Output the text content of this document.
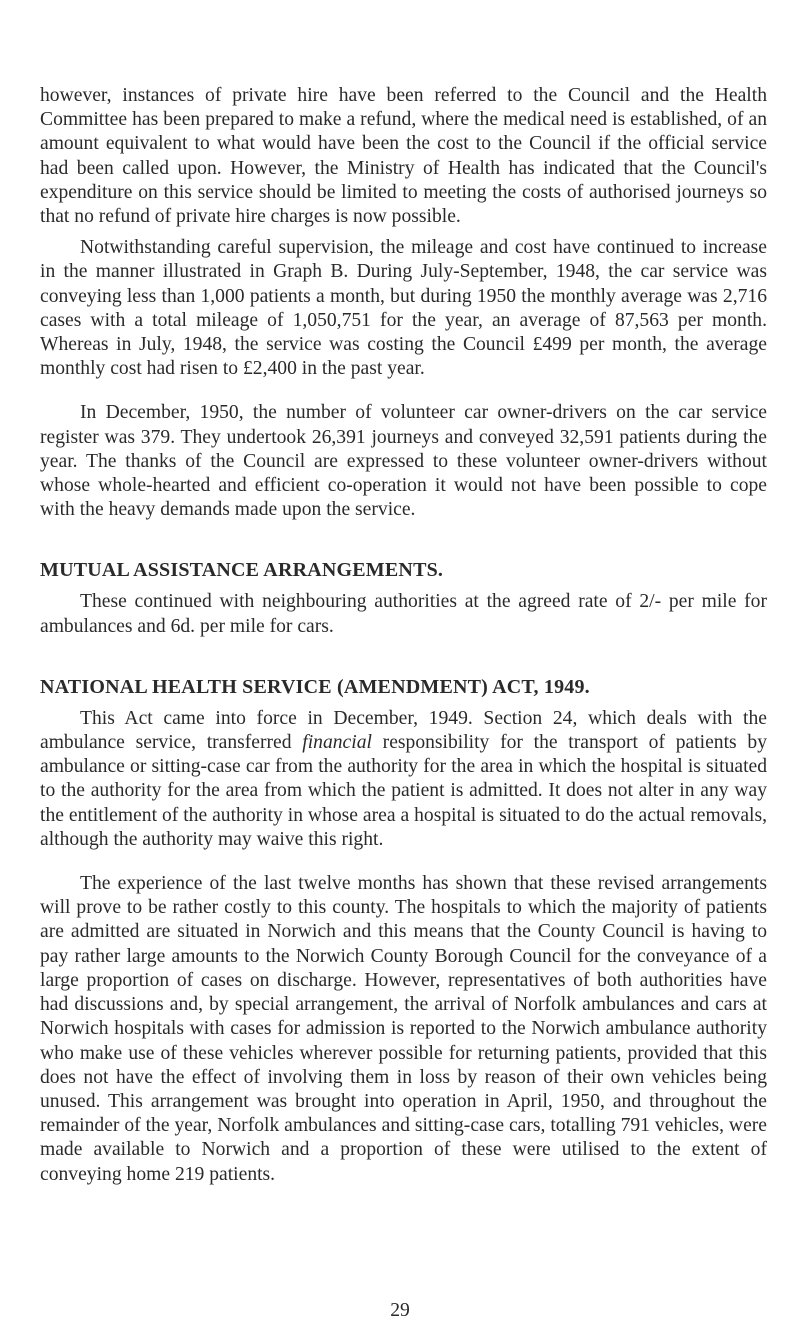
however, instances of private hire have been referred to the Council and the Health Committee has been prepared to make a refund, where the medical need is established, of an amount equivalent to what would have been the cost to the Council if the official service had been called upon. However, the Ministry of Health has indicated that the Council's expenditure on this service should be limited to meeting the costs of authorised journeys so that no refund of private hire charges is now possible.

Notwithstanding careful supervision, the mileage and cost have continued to increase in the manner illustrated in Graph B. During July-September, 1948, the car service was conveying less than 1,000 patients a month, but during 1950 the monthly average was 2,716 cases with a total mileage of 1,050,751 for the year, an average of 87,563 per month. Whereas in July, 1948, the service was costing the Council £499 per month, the average monthly cost had risen to £2,400 in the past year.

In December, 1950, the number of volunteer car owner-drivers on the car service register was 379. They undertook 26,391 journeys and conveyed 32,591 patients during the year. The thanks of the Council are expressed to these volunteer owner-drivers without whose whole-hearted and efficient co-operation it would not have been possible to cope with the heavy demands made upon the service.

MUTUAL ASSISTANCE ARRANGEMENTS.

These continued with neighbouring authorities at the agreed rate of 2/- per mile for ambulances and 6d. per mile for cars.

NATIONAL HEALTH SERVICE (AMENDMENT) ACT, 1949.

This Act came into force in December, 1949. Section 24, which deals with the ambulance service, transferred financial responsibility for the transport of patients by ambulance or sitting-case car from the authority for the area in which the hospital is situated to the authority for the area from which the patient is admitted. It does not alter in any way the entitlement of the authority in whose area a hospital is situated to do the actual removals, although the authority may waive this right.

The experience of the last twelve months has shown that these revised arrangements will prove to be rather costly to this county. The hospitals to which the majority of patients are admitted are situated in Norwich and this means that the County Council is having to pay rather large amounts to the Norwich County Borough Council for the conveyance of a large proportion of cases on discharge. However, representatives of both authorities have had discussions and, by special arrangement, the arrival of Norfolk ambulances and cars at Norwich hospitals with cases for admission is reported to the Norwich ambulance authority who make use of these vehicles wherever possible for returning patients, provided that this does not have the effect of involving them in loss by reason of their own vehicles being unused. This arrangement was brought into operation in April, 1950, and throughout the remainder of the year, Norfolk ambulances and sitting-case cars, totalling 791 vehicles, were made available to Norwich and a proportion of these were utilised to the extent of conveying home 219 patients.

29
